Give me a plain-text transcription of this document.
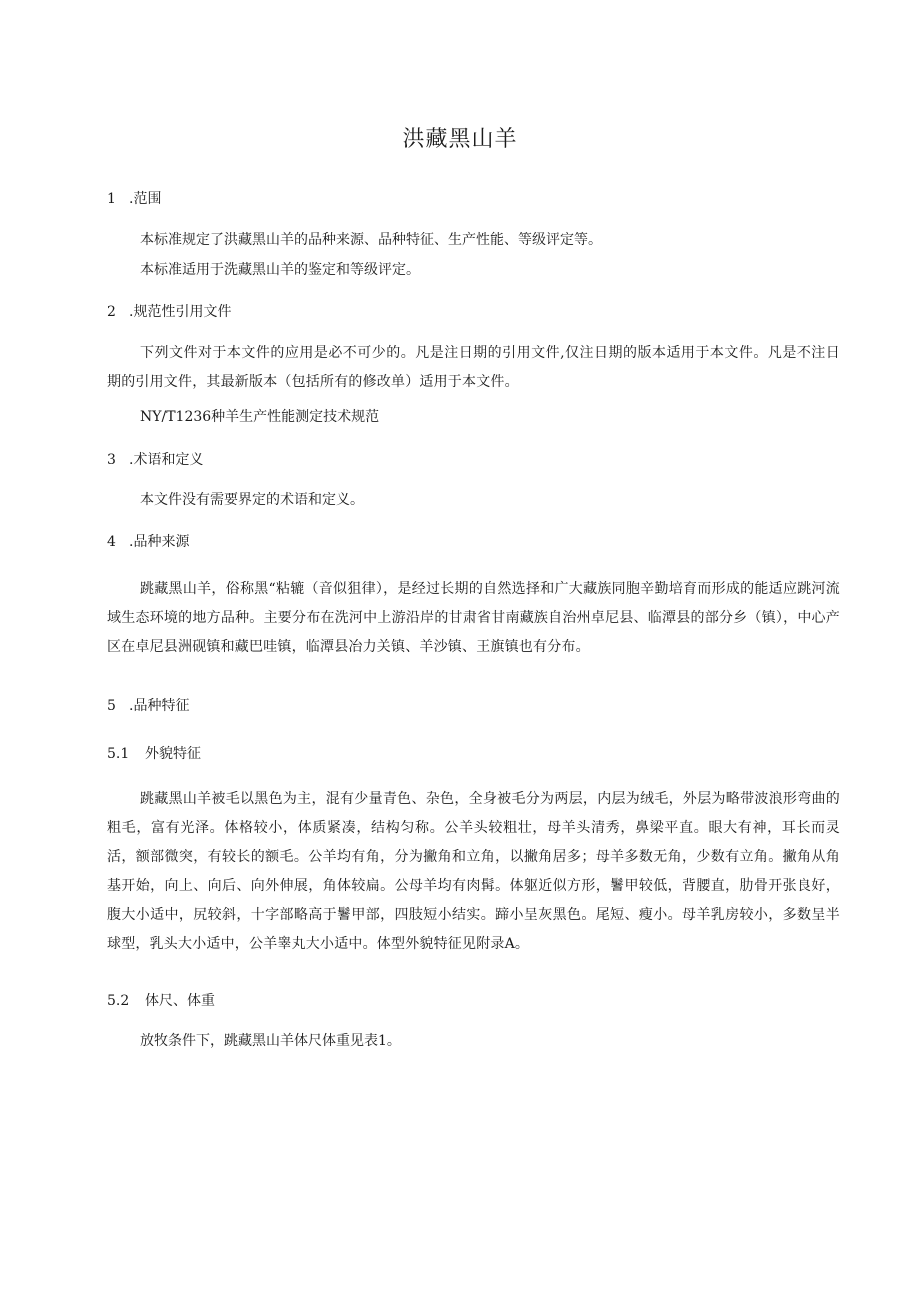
洪藏黑山羊
1 .范围

本标准规定了洪藏黑山羊的品种来源、品种特征、生产性能、等级评定等。

本标准适用于洗藏黑山羊的鉴定和等级评定。

2 .规范性引用文件

下列文件对于本文件的应用是必不可少的。凡是注日期的引用文件,仅注日期的版本适用于本文件。凡是不注日期的引用文件，其最新版本（包括所有的修改单）适用于本文件。

NY/T1236种羊生产性能测定技术规范

3 .术语和定义

本文件没有需要界定的术语和定义。

4 .品种来源

跳藏黑山羊，俗称黑“粘辘（音似狙律），是经过长期的自然选择和广大藏族同胞辛勤培育而形成的能适应跳河流域生态环境的地方品种。主要分布在洗河中上游沿岸的甘肃省甘南藏族自治州卓尼县、临潭县的部分乡（镇），中心产区在卓尼县洲砚镇和藏巴哇镇，临潭县冶力关镇、羊沙镇、王旗镇也有分布。

5 .品种特征
5.1 外貌特征

跳藏黑山羊被毛以黑色为主，混有少量青色、杂色，全身被毛分为两层，内层为绒毛，外层为略带波浪形弯曲的粗毛，富有光泽。体格较小，体质紧凑，结构匀称。公羊头较粗壮，母羊头清秀，鼻梁平直。眼大有神，耳长而灵活，额部微突，有较长的额毛。公羊均有角，分为撇角和立角，以撇角居多；母羊多数无角，少数有立角。撇角从角基开始，向上、向后、向外伸展，角体较扁。公母羊均有肉髯。体躯近似方形，鬐甲较低，背腰直，肋骨开张良好，腹大小适中，尻较斜，十字部略高于鬐甲部，四肢短小结实。蹄小呈灰黑色。尾短、瘦小。母羊乳房较小，多数呈半球型，乳头大小适中，公羊睾丸大小适中。体型外貌特征见附录A。

5.2 体尺、体重

放牧条件下，跳藏黑山羊体尺体重见表1。
